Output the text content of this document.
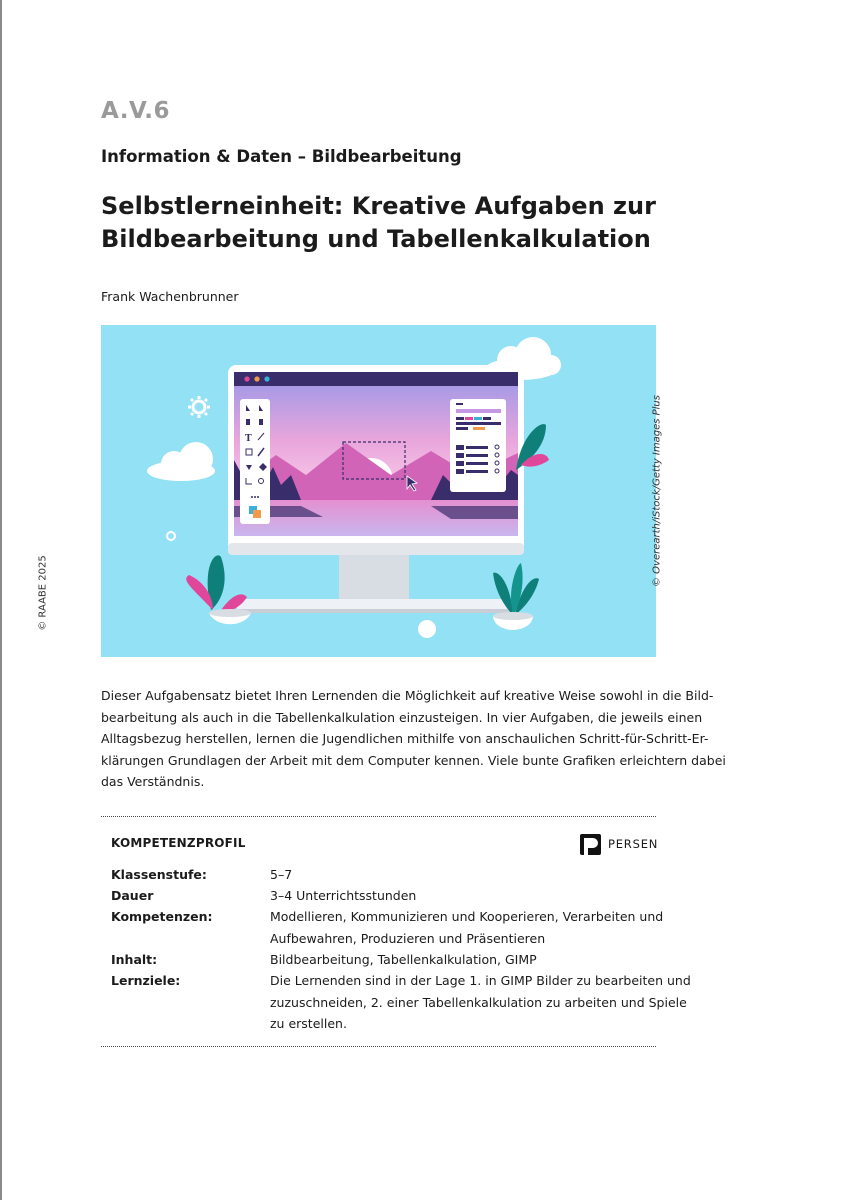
A.V.6
Information & Daten – Bildbearbeitung
Selbstlerneinheit: Kreative Aufgaben zur
Bildbearbeitung und Tabellenkalkulation
Frank Wachenbrunner
T	© Overearth/iStock/Getty Images Plus
© RAABE 2025

Dieser Aufgabensatz bietet Ihren Lernenden die Möglichkeit auf kreative Weise sowohl in die Bild-
bearbeitung als auch in die Tabellenkalkulation einzusteigen. In vier Aufgaben, die jeweils einen
Alltagsbezug herstellen, lernen die Jugendlichen mithilfe von anschaulichen Schritt-für-Schritt-Er-
klärungen Grundlagen der Arbeit mit dem Computer kennen. Viele bunte Grafiken erleichtern dabei
das Verständnis.

KOMPETENZPROFIL	PERSEN
Klassenstufe:	5–7
Dauer	3–4 Unterrichtsstunden
Kompetenzen:	Modellieren, Kommunizieren und Kooperieren, Verarbeiten und
Aufbewahren, Produzieren und Präsentieren
Inhalt:	Bildbearbeitung, Tabellenkalkulation, GIMP
Lernziele:	Die Lernenden sind in der Lage 1. in GIMP Bilder zu bearbeiten und
zuzuschneiden, 2. einer Tabellenkalkulation zu arbeiten und Spiele
zu erstellen.
